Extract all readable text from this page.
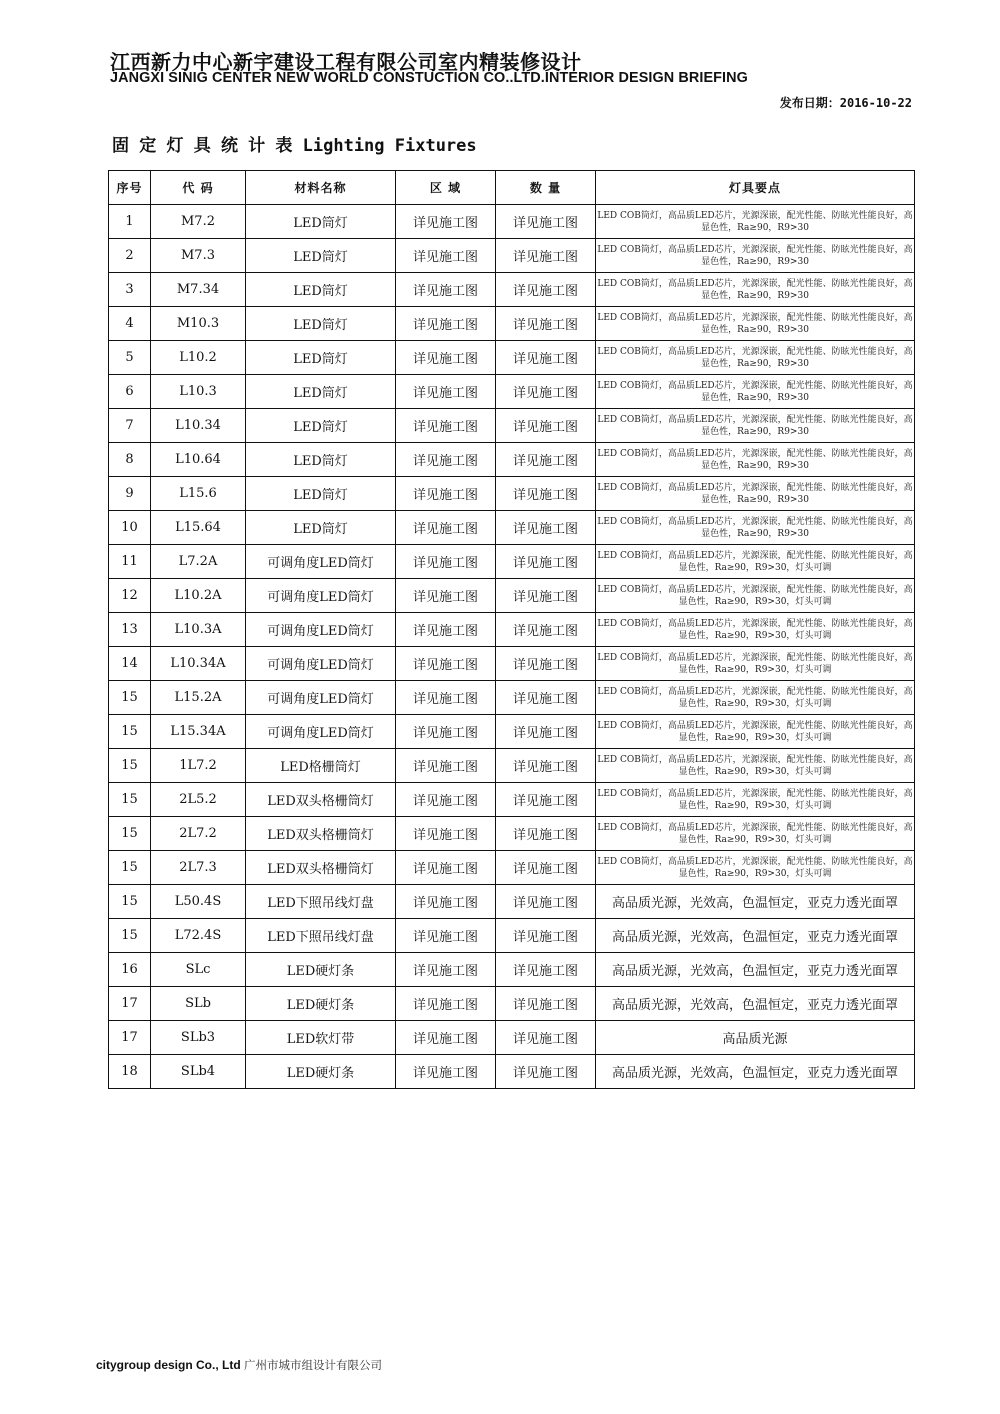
江西新力中心新宇建设工程有限公司室内精装修设计
JANGXI SINIG CENTER NEW WORLD CONSTUCTION CO..LTD.INTERIOR DESIGN BRIEFING
发布日期：2016-10-22
固 定 灯 具 统 计 表 Lighting Fixtures
序号	代 码	材料名称	区 域	数 量	灯具要点
1	M7.2	LED筒灯	详见施工图	详见施工图	LED COB筒灯，高品质LED芯片，光源深嵌，配光性能、防眩光性能良好，高显色性，Ra≥90，R9>30
2	M7.3	LED筒灯	详见施工图	详见施工图	LED COB筒灯，高品质LED芯片，光源深嵌，配光性能、防眩光性能良好，高显色性，Ra≥90，R9>30
3	M7.34	LED筒灯	详见施工图	详见施工图	LED COB筒灯，高品质LED芯片，光源深嵌，配光性能、防眩光性能良好，高显色性，Ra≥90，R9>30
4	M10.3	LED筒灯	详见施工图	详见施工图	LED COB筒灯，高品质LED芯片，光源深嵌，配光性能、防眩光性能良好，高显色性，Ra≥90，R9>30
5	L10.2	LED筒灯	详见施工图	详见施工图	LED COB筒灯，高品质LED芯片，光源深嵌，配光性能、防眩光性能良好，高显色性，Ra≥90，R9>30
6	L10.3	LED筒灯	详见施工图	详见施工图	LED COB筒灯，高品质LED芯片，光源深嵌，配光性能、防眩光性能良好，高显色性，Ra≥90，R9>30
7	L10.34	LED筒灯	详见施工图	详见施工图	LED COB筒灯，高品质LED芯片，光源深嵌，配光性能、防眩光性能良好，高显色性，Ra≥90，R9>30
8	L10.64	LED筒灯	详见施工图	详见施工图	LED COB筒灯，高品质LED芯片，光源深嵌，配光性能、防眩光性能良好，高显色性，Ra≥90，R9>30
9	L15.6	LED筒灯	详见施工图	详见施工图	LED COB筒灯，高品质LED芯片，光源深嵌，配光性能、防眩光性能良好，高显色性，Ra≥90，R9>30
10	L15.64	LED筒灯	详见施工图	详见施工图	LED COB筒灯，高品质LED芯片，光源深嵌，配光性能、防眩光性能良好，高显色性，Ra≥90，R9>30
11	L7.2A	可调角度LED筒灯	详见施工图	详见施工图	LED COB筒灯，高品质LED芯片，光源深嵌，配光性能、防眩光性能良好，高显色性，Ra≥90，R9>30，灯头可调
12	L10.2A	可调角度LED筒灯	详见施工图	详见施工图	LED COB筒灯，高品质LED芯片，光源深嵌，配光性能、防眩光性能良好，高显色性，Ra≥90，R9>30，灯头可调
13	L10.3A	可调角度LED筒灯	详见施工图	详见施工图	LED COB筒灯，高品质LED芯片，光源深嵌，配光性能、防眩光性能良好，高显色性，Ra≥90，R9>30，灯头可调
14	L10.34A	可调角度LED筒灯	详见施工图	详见施工图	LED COB筒灯，高品质LED芯片，光源深嵌，配光性能、防眩光性能良好，高显色性，Ra≥90，R9>30，灯头可调
15	L15.2A	可调角度LED筒灯	详见施工图	详见施工图	LED COB筒灯，高品质LED芯片，光源深嵌，配光性能、防眩光性能良好，高显色性，Ra≥90，R9>30，灯头可调
15	L15.34A	可调角度LED筒灯	详见施工图	详见施工图	LED COB筒灯，高品质LED芯片，光源深嵌，配光性能、防眩光性能良好，高显色性，Ra≥90，R9>30，灯头可调
15	1L7.2	LED格栅筒灯	详见施工图	详见施工图	LED COB筒灯，高品质LED芯片，光源深嵌，配光性能、防眩光性能良好，高显色性，Ra≥90，R9>30，灯头可调
15	2L5.2	LED双头格栅筒灯	详见施工图	详见施工图	LED COB筒灯，高品质LED芯片，光源深嵌，配光性能、防眩光性能良好，高显色性，Ra≥90，R9>30，灯头可调
15	2L7.2	LED双头格栅筒灯	详见施工图	详见施工图	LED COB筒灯，高品质LED芯片，光源深嵌，配光性能、防眩光性能良好，高显色性，Ra≥90，R9>30，灯头可调
15	2L7.3	LED双头格栅筒灯	详见施工图	详见施工图	LED COB筒灯，高品质LED芯片，光源深嵌，配光性能、防眩光性能良好，高显色性，Ra≥90，R9>30，灯头可调
15	L50.4S	LED下照吊线灯盘	详见施工图	详见施工图	高品质光源，光效高，色温恒定，亚克力透光面罩
15	L72.4S	LED下照吊线灯盘	详见施工图	详见施工图	高品质光源，光效高，色温恒定，亚克力透光面罩
16	SLc	LED硬灯条	详见施工图	详见施工图	高品质光源，光效高，色温恒定，亚克力透光面罩
17	SLb	LED硬灯条	详见施工图	详见施工图	高品质光源，光效高，色温恒定，亚克力透光面罩
17	SLb3	LED软灯带	详见施工图	详见施工图	高品质光源
18	SLb4	LED硬灯条	详见施工图	详见施工图	高品质光源，光效高，色温恒定，亚克力透光面罩
citygroup design Co., Ltd 广州市城市组设计有限公司
